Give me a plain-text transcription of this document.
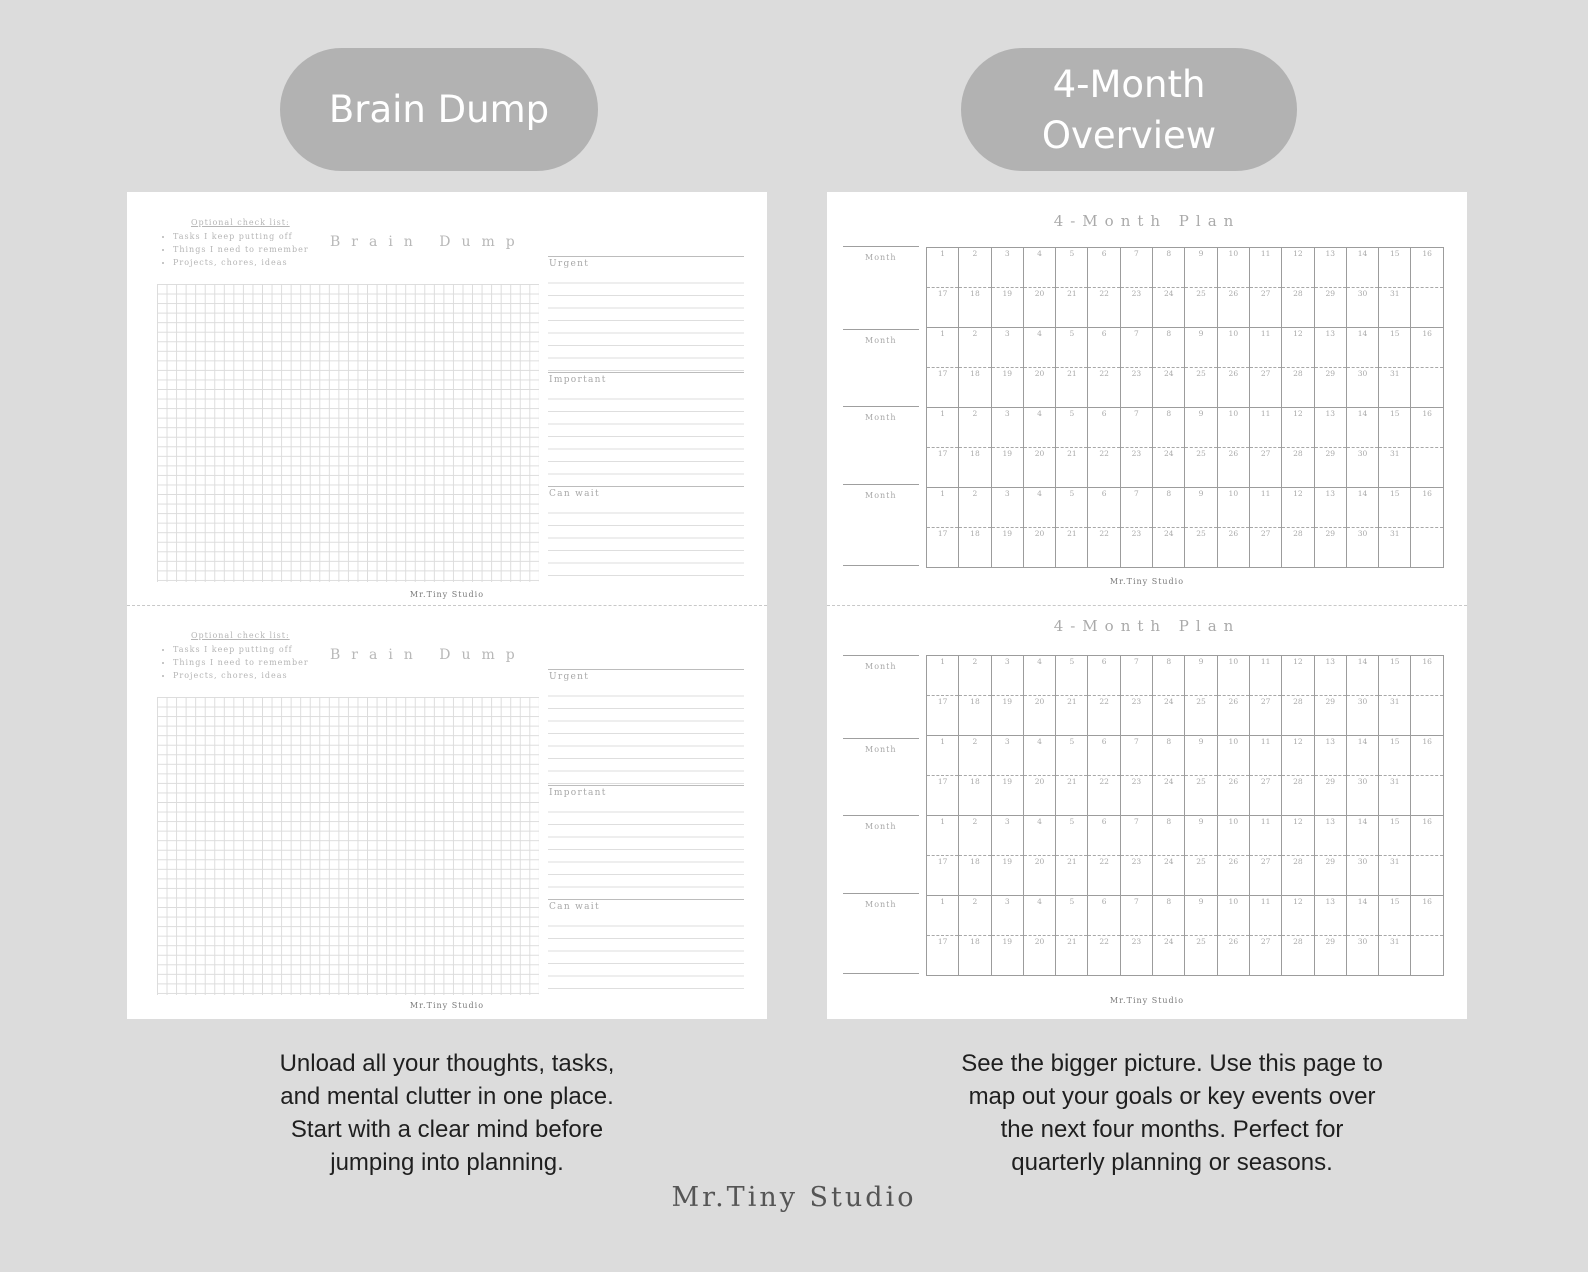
Brain Dump
4-Month
Overview
Optional check list:
• Tasks I keep putting off
• Things I need to remember
• Projects, chores, ideas
Brain Dump
Urgent
Important
Can wait
Mr.Tiny Studio
Optional check list:
• Tasks I keep putting off
• Things I need to remember
• Projects, chores, ideas
Brain Dump
Urgent
Important
Can wait
Mr.Tiny Studio
4-Month Plan
Month
Month
Month
Month
1	2	3	4	5	6	7	8	9	10	11	12	13	14	15	16
17	18	19	20	21	22	23	24	25	26	27	28	29	30	31	
1	2	3	4	5	6	7	8	9	10	11	12	13	14	15	16
17	18	19	20	21	22	23	24	25	26	27	28	29	30	31	
1	2	3	4	5	6	7	8	9	10	11	12	13	14	15	16
17	18	19	20	21	22	23	24	25	26	27	28	29	30	31	
1	2	3	4	5	6	7	8	9	10	11	12	13	14	15	16
17	18	19	20	21	22	23	24	25	26	27	28	29	30	31	
Mr.Tiny Studio
4-Month Plan
Month
Month
Month
Month
1	2	3	4	5	6	7	8	9	10	11	12	13	14	15	16
17	18	19	20	21	22	23	24	25	26	27	28	29	30	31	
1	2	3	4	5	6	7	8	9	10	11	12	13	14	15	16
17	18	19	20	21	22	23	24	25	26	27	28	29	30	31	
1	2	3	4	5	6	7	8	9	10	11	12	13	14	15	16
17	18	19	20	21	22	23	24	25	26	27	28	29	30	31	
1	2	3	4	5	6	7	8	9	10	11	12	13	14	15	16
17	18	19	20	21	22	23	24	25	26	27	28	29	30	31	
Mr.Tiny Studio
Unload all your thoughts, tasks,
and mental clutter in one place.
Start with a clear mind before
jumping into planning.
See the bigger picture. Use this page to
map out your goals or key events over
the next four months. Perfect for
quarterly planning or seasons.
Mr.Tiny Studio
